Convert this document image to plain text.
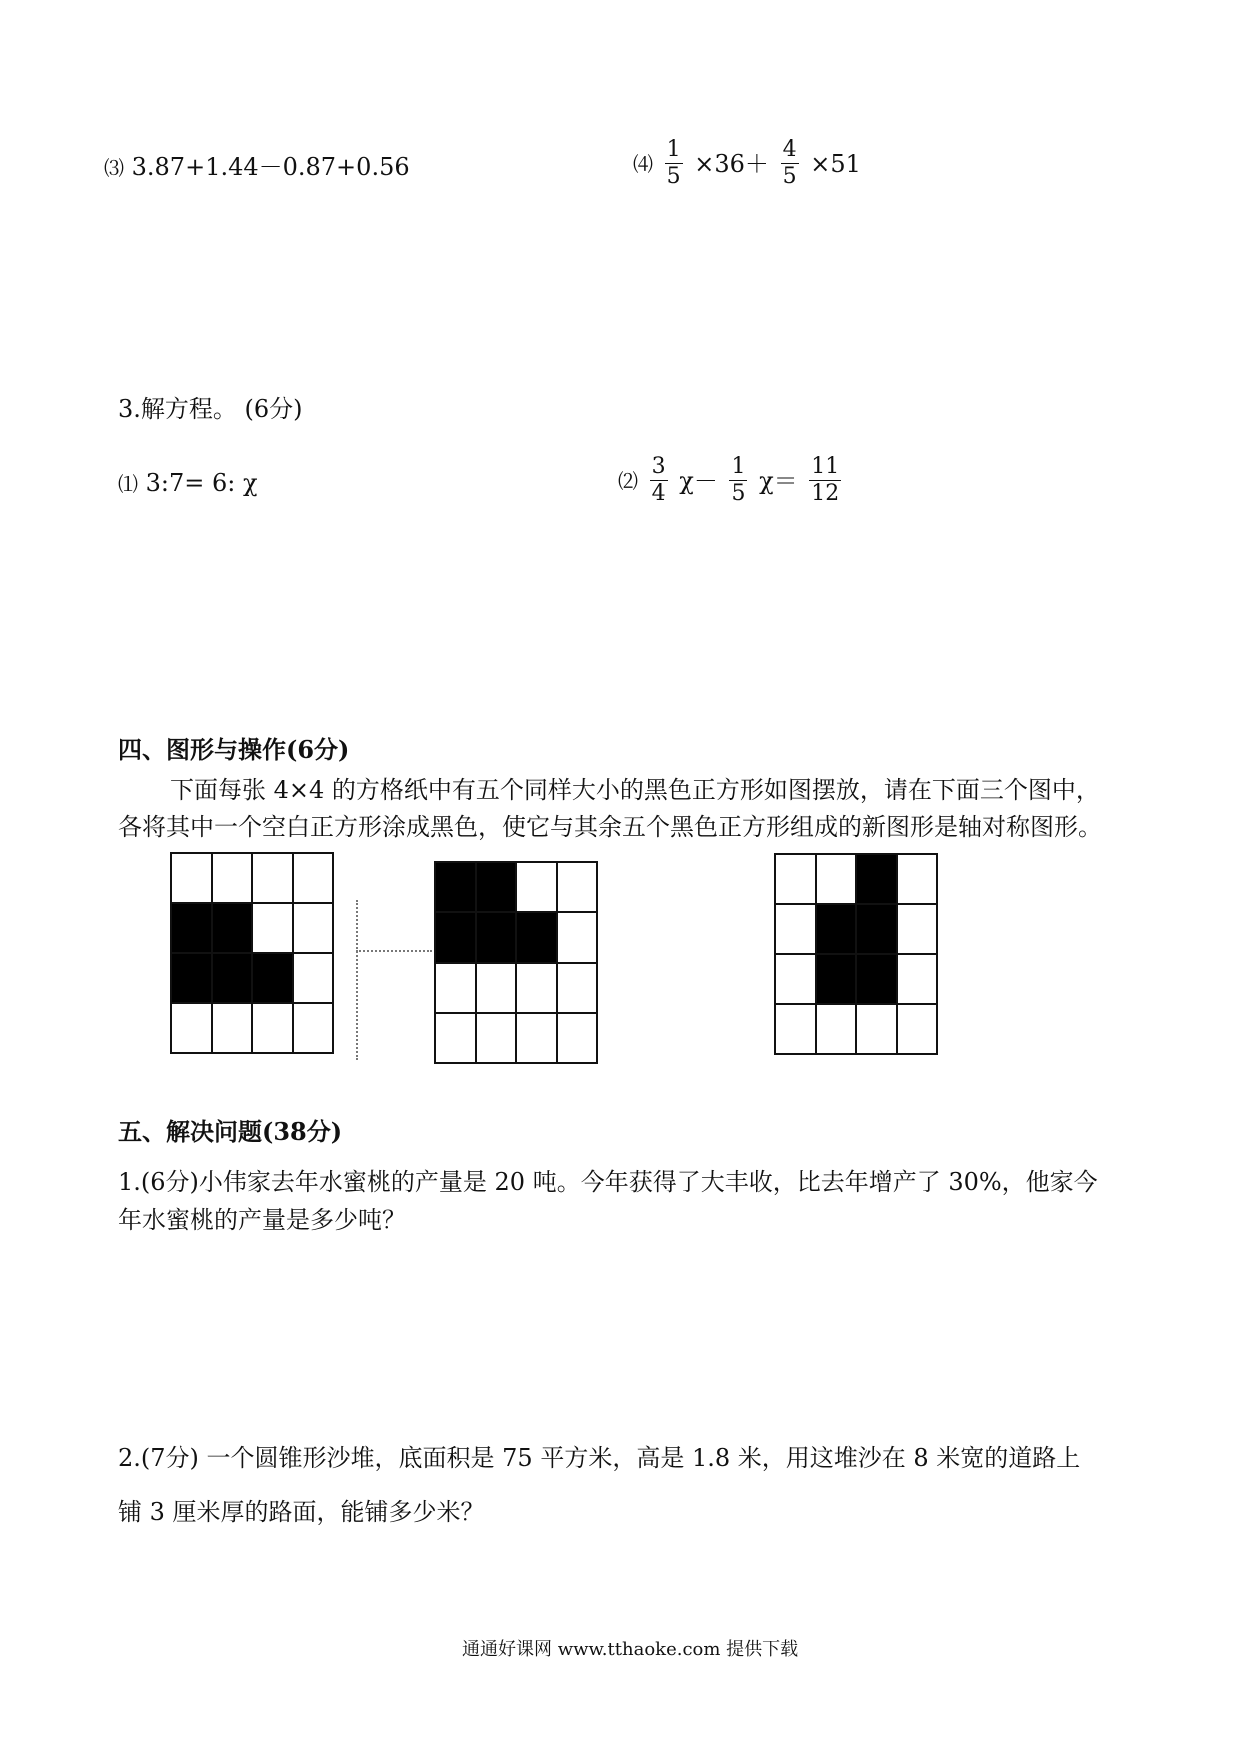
⑶ 3.87+1.44－0.87+0.56	⑷ $\frac{1}{5} \times 36+ \frac{4}{5} \times 51$
3.解方程。 (6分)
⑴ 3:7= 6: χ	⑵ $\frac{3}{4} \chi- \frac{1}{5} \chi= \frac{11}{12}$
四、图形与操作(6分)
下面每张 4×4 的方格纸中有五个同样大小的黑色正方形如图摆放，请在下面三个图中，
各将其中一个空白正方形涂成黑色，使它与其余五个黑色正方形组成的新图形是轴对称图形。
五、解决问题(38分)
1.(6分)小伟家去年水蜜桃的产量是 20 吨。今年获得了大丰收，比去年增产了 30%，他家今
年水蜜桃的产量是多少吨？
2.(7分) 一个圆锥形沙堆，底面积是 75 平方米，高是 1.8 米，用这堆沙在 8 米宽的道路上
铺 3 厘米厚的路面，能铺多少米？
通通好课网 www.tthaoke.com 提供下载
